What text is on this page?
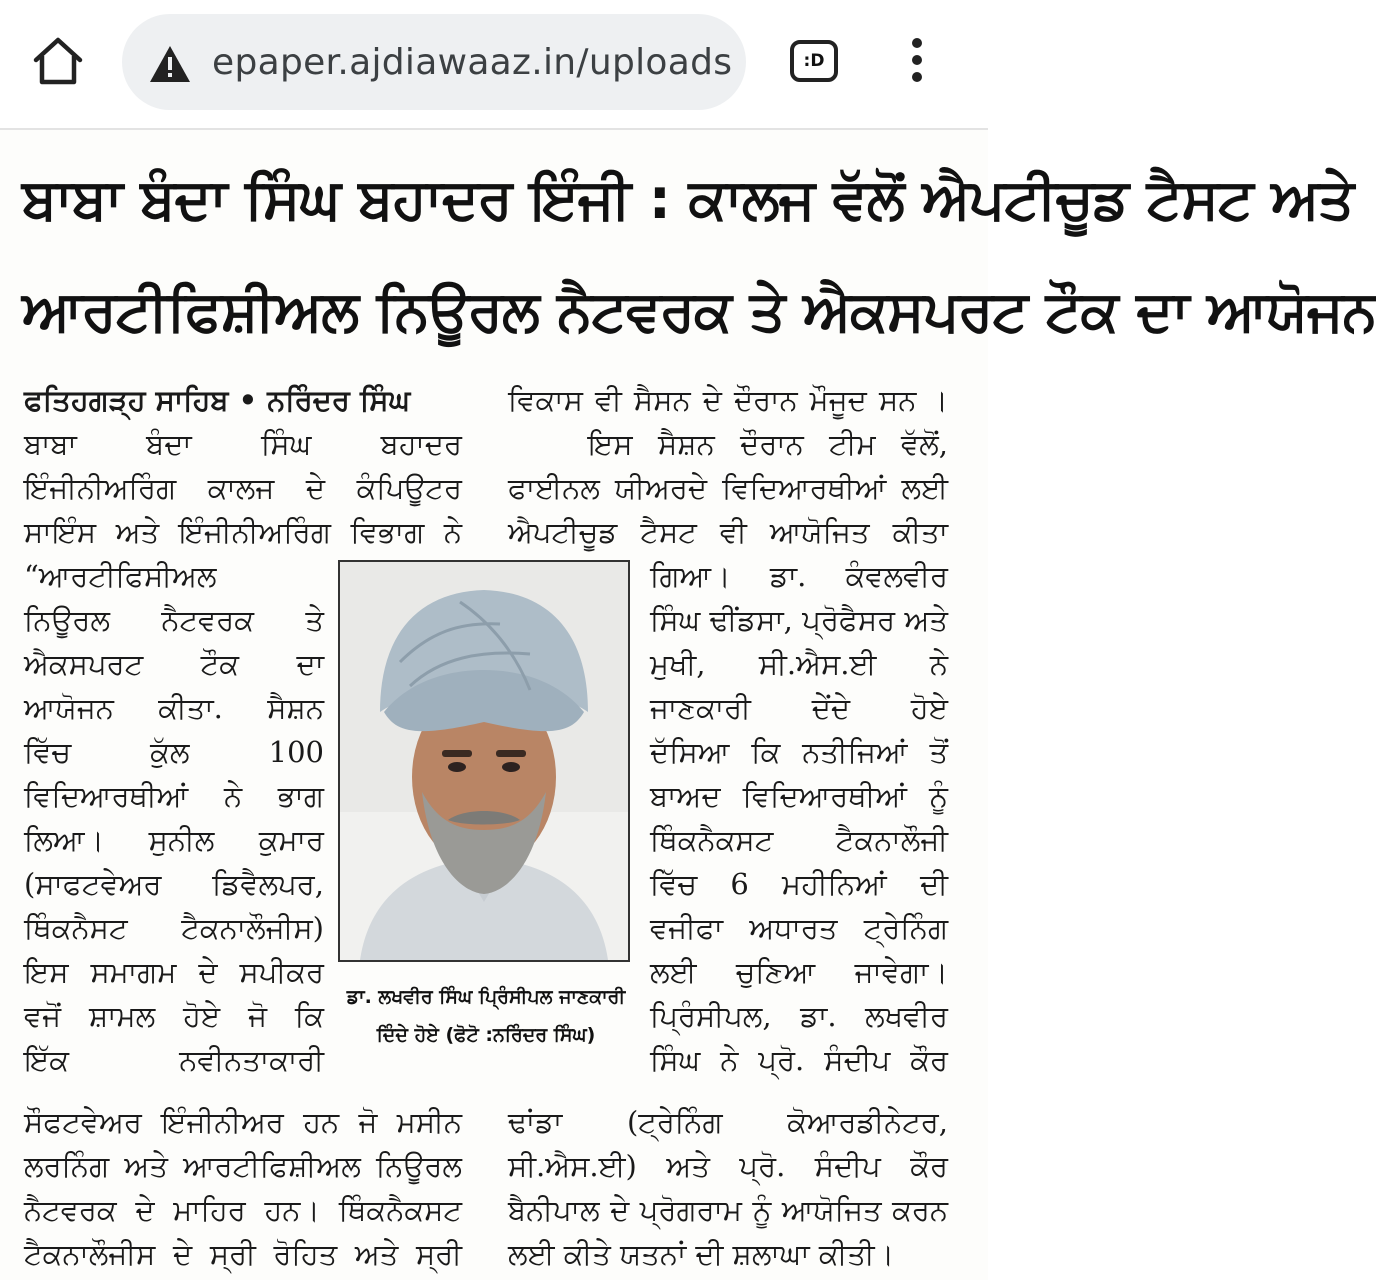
epaper.ajdiawaaz.in/uploads	:D
ਬਾਬਾ ਬੰਦਾ ਸਿੰਘ ਬਹਾਦਰ ਇੰਜੀ : ਕਾਲਜ ਵੱਲੋਂ ਐਪਟੀਚੂਡ ਟੈਸਟ ਅਤੇ
ਆਰਟੀਫਿਸ਼ੀਅਲ ਨਿਊਰਲ ਨੈਟਵਰਕ ਤੇ ਐਕਸਪਰਟ ਟੌਕ ਦਾ ਆਯੋਜਨ
ਫਤਿਹਗੜ੍ਹ ਸਾਹਿਬ • ਨਰਿੰਦਰ ਸਿੰਘ
ਬਾਬਾ ਬੰਦਾ ਸਿੰਘ ਬਹਾਦਰ
ਇੰਜੀਨੀਅਰਿੰਗ ਕਾਲਜ ਦੇ ਕੰਪਿਊਟਰ
ਸਾਇੰਸ ਅਤੇ ਇੰਜੀਨੀਅਰਿੰਗ ਵਿਭਾਗ ਨੇ
“ਆਰਟੀਫਿਸੀਅਲ
ਨਿਊਰਲ ਨੈਟਵਰਕ ਤੇ
ਐਕਸਪਰਟ ਟੌਕ ਦਾ
ਆਯੋਜਨ ਕੀਤਾ. ਸੈਸ਼ਨ
ਵਿੱਚ ਕੁੱਲ 100
ਵਿਦਿਆਰਥੀਆਂ ਨੇ ਭਾਗ
ਲਿਆ। ਸੁਨੀਲ ਕੁਮਾਰ
(ਸਾਫਟਵੇਅਰ ਡਿਵੈਲਪਰ,
ਥਿੰਕਨੈਸਟ ਟੈਕਨਾਲੌਜੀਸ)
ਇਸ ਸਮਾਗਮ ਦੇ ਸਪੀਕਰ
ਵਜੋਂ ਸ਼ਾਮਲ ਹੋਏ ਜੋ ਕਿ
ਇੱਕ ਨਵੀਨਤਾਕਾਰੀ
ਸੌਫਟਵੇਅਰ ਇੰਜੀਨੀਅਰ ਹਨ ਜੋ ਮਸੀਨ
ਲਰਨਿੰਗ ਅਤੇ ਆਰਟੀਫਿਸ਼ੀਅਲ ਨਿਊਰਲ
ਨੈਟਵਰਕ ਦੇ ਮਾਹਿਰ ਹਨ। ਥਿੰਕਨੈਕਸਟ
ਟੈਕਨਾਲੌਜੀਸ ਦੇ ਸ੍ਰੀ ਰੋਹਿਤ ਅਤੇ ਸ੍ਰੀ
ਡਾ. ਲਖਵੀਰ ਸਿੰਘ ਪ੍ਰਿੰਸੀਪਲ ਜਾਣਕਾਰੀ
ਦਿੰਦੇ ਹੋਏ (ਫੋਟੋ :ਨਰਿੰਦਰ ਸਿੰਘ)
ਵਿਕਾਸ ਵੀ ਸੈਸਨ ਦੇ ਦੌਰਾਨ ਮੌਜੂਦ ਸਨ ।
ਇਸ ਸੈਸ਼ਨ ਦੌਰਾਨ ਟੀਮ ਵੱਲੋਂ,
ਫਾਈਨਲ ਯੀਅਰਦੇ ਵਿਦਿਆਰਥੀਆਂ ਲਈ
ਐਪਟੀਚੂਡ ਟੈਸਟ ਵੀ ਆਯੋਜਿਤ ਕੀਤਾ
ਗਿਆ। ਡਾ. ਕੰਵਲਵੀਰ
ਸਿੰਘ ਢੀਂਡਸਾ, ਪ੍ਰੋਫੈਸਰ ਅਤੇ
ਮੁਖੀ, ਸੀ.ਐਸ.ਈ ਨੇ
ਜਾਣਕਾਰੀ ਦੇਂਦੇ ਹੋਏ
ਦੱਸਿਆ ਕਿ ਨਤੀਜਿਆਂ ਤੋਂ
ਬਾਅਦ ਵਿਦਿਆਰਥੀਆਂ ਨੂੰ
ਥਿੰਕਨੈਕਸਟ ਟੈਕਨਾਲੌਜੀ
ਵਿੱਚ 6 ਮਹੀਨਿਆਂ ਦੀ
ਵਜੀਫਾ ਅਧਾਰਤ ਟ੍ਰੇਨਿੰਗ
ਲਈ ਚੁਣਿਆ ਜਾਵੇਗਾ।
ਪ੍ਰਿੰਸੀਪਲ, ਡਾ. ਲਖਵੀਰ
ਸਿੰਘ ਨੇ ਪ੍ਰੋ. ਸੰਦੀਪ ਕੌਰ
ਢਾਂਡਾ (ਟ੍ਰੇਨਿੰਗ ਕੋਆਰਡੀਨੇਟਰ,
ਸੀ.ਐਸ.ਈ) ਅਤੇ ਪ੍ਰੋ. ਸੰਦੀਪ ਕੌਰ
ਬੈਨੀਪਾਲ ਦੇ ਪ੍ਰੋਗਰਾਮ ਨੂੰ ਆਯੋਜਿਤ ਕਰਨ
ਲਈ ਕੀਤੇ ਯਤਨਾਂ ਦੀ ਸ਼ਲਾਘਾ ਕੀਤੀ।
